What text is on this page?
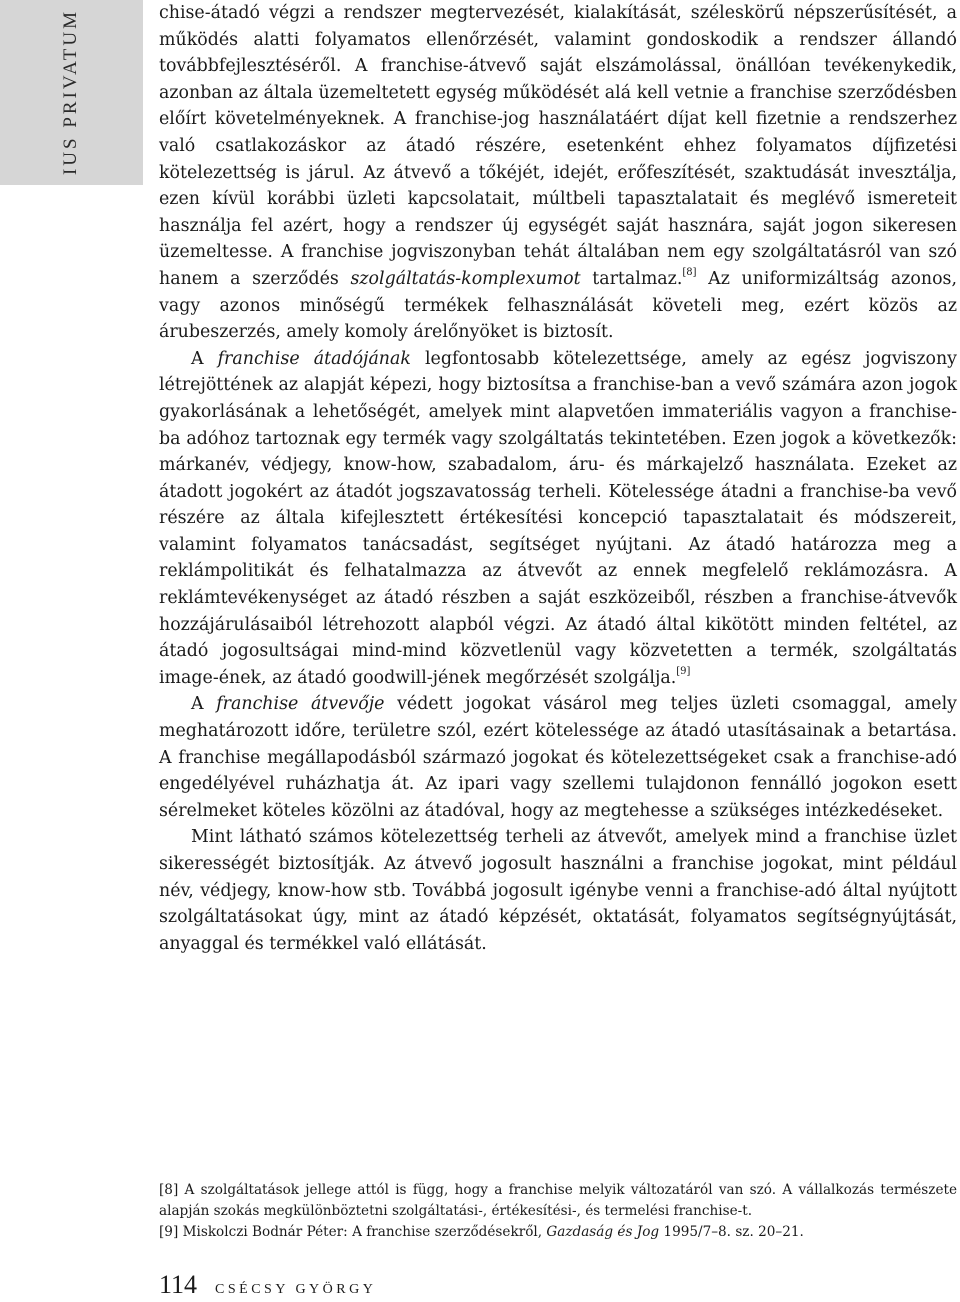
IUS PRIVATUM	chise-átadó végzi a rendszer megtervezését, kialakítását, széleskörű népszerűsítését, a működés alatti folyamatos ellenőrzését, valamint gondoskodik a rendszer állandó továbbfejlesztéséről. A franchise-átvevő saját elszámolással, önállóan tevékenykedik, azonban az általa üzemeltetett egység működését alá kell vetnie a franchise szerződésben előírt követelményeknek. A franchise-jog használatáért díjat kell fizetnie a rendszerhez való csatlakozáskor az átadó részére, esetenként ehhez folyamatos díjfizetési kötelezettség is járul. Az átvevő a tőkéjét, idejét, erőfeszítését, szaktudását invesztálja, ezen kívül korábbi üzleti kapcsolatait, múltbeli tapasztalatait és meglévő ismereteit használja fel azért, hogy a rendszer új egységét saját hasznára, saját jogon sikeresen üzemeltesse. A franchise jogviszonyban tehát általában nem egy szolgáltatásról van szó hanem a szerződés szolgáltatás-komplexumot tartalmaz.[8] Az uniformizáltság azonos, vagy azonos minőségű termékek felhasználását követeli meg, ezért közös az árubeszerzés, amely komoly árelőnyöket is biztosít.

A franchise átadójának legfontosabb kötelezettsége, amely az egész jogviszony létrejöttének az alapját képezi, hogy biztosítsa a franchise-ban a vevő számára azon jogok gyakorlásának a lehetőségét, amelyek mint alapvetően immateriális vagyon a franchise-ba adóhoz tartoznak egy termék vagy szolgáltatás tekintetében. Ezen jogok a következők: márkanév, védjegy, know-how, szabadalom, áru- és márkajelző használata. Ezeket az átadott jogokért az átadót jogszavatosság terheli. Kötelessége átadni a franchise-ba vevő részére az általa kifejlesztett értékesítési koncepció tapasztalatait és módszereit, valamint folyamatos tanácsadást, segítséget nyújtani. Az átadó határozza meg a reklámpolitikát és felhatalmazza az átvevőt az ennek megfelelő reklámozásra. A reklámtevékenységet az átadó részben a saját eszközeiből, részben a franchise-átvevők hozzájárulásaiból létrehozott alapból végzi. Az átadó által kikötött minden feltétel, az átadó jogosultságai mind-mind közvetlenül vagy közvetetten a termék, szolgáltatás image-ének, az átadó goodwill-jének megőrzését szolgálja.[9]

A franchise átvevője védett jogokat vásárol meg teljes üzleti csomaggal, amely meghatározott időre, területre szól, ezért kötelessége az átadó utasításainak a betartása. A franchise megállapodásból származó jogokat és kötelezettségeket csak a franchise-adó engedélyével ruházhatja át. Az ipari vagy szellemi tulajdonon fennálló jogokon esett sérelmeket köteles közölni az átadóval, hogy az megtehesse a szükséges intézkedéseket.

Mint látható számos kötelezettség terheli az átvevőt, amelyek mind a franchise üzlet sikerességét biztosítják. Az átvevő jogosult használni a franchise jogokat, mint például név, védjegy, know-how stb. Továbbá jogosult igénybe venni a franchise-adó által nyújtott szolgáltatásokat úgy, mint az átadó képzését, oktatását, folyamatos segítségnyújtását, anyaggal és termékkel való ellátását.

[8] A szolgáltatások jellege attól is függ, hogy a franchise melyik változatáról van szó. A vállalkozás természete alapján szokás megkülönböztetni szolgáltatási-, értékesítési-, és termelési franchise-t.

[9] Miskolczi Bodnár Péter: A franchise szerződésekről, Gazdaság és Jog 1995/7–8. sz. 20–21.

114 CSÉCSY GYÖRGY
